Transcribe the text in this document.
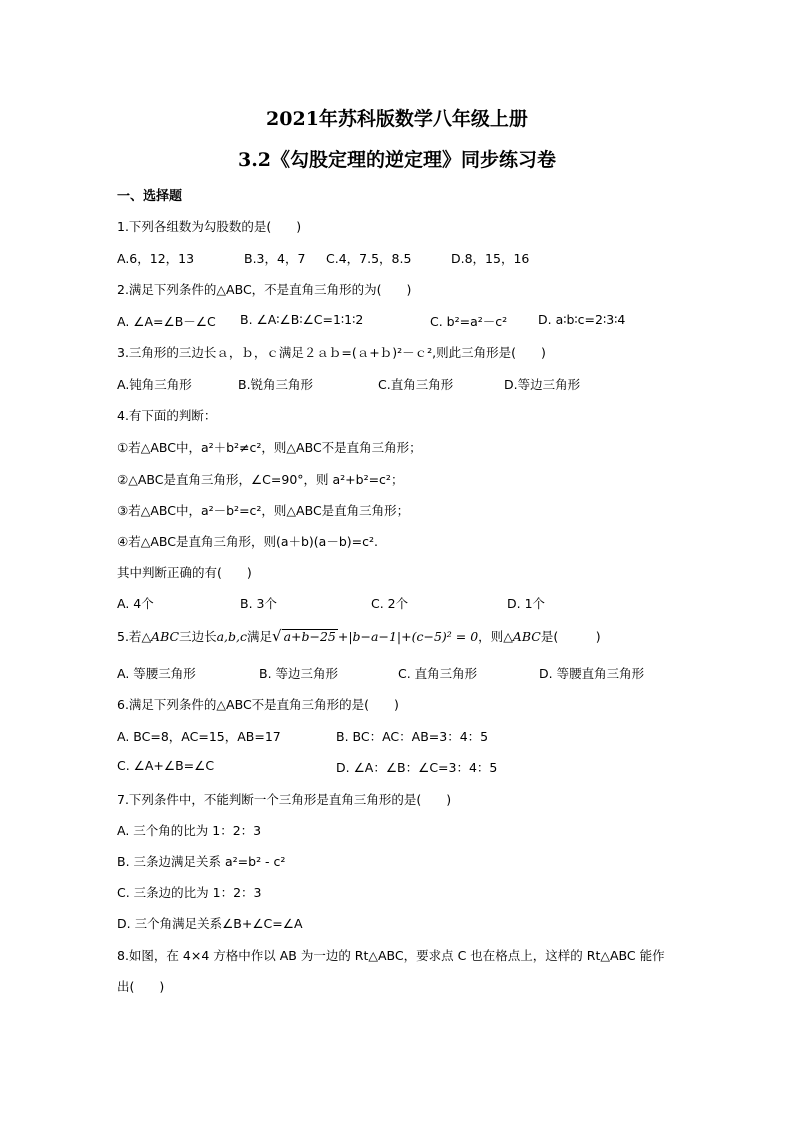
2021年苏科版数学八年级上册
3.2《勾股定理的逆定理》同步练习卷
一、选择题
1.下列各组数为勾股数的是(　　)
A.6，12，13	B.3，4，7 C.4，7.5，8.5	D.8，15，16
2.满足下列条件的△ABC，不是直角三角形的为(　　)
A. ∠A=∠B－∠C B. ∠A∶∠B∶∠C=1∶1∶2	C. b²=a²－c² D. a∶b∶c=2∶3∶4
3.三角形的三边长ａ，ｂ，ｃ满足２ａｂ=(ａ+ｂ)²－ｃ²,则此三角形是(　　)
A.钝角三角形	B.锐角三角形	C.直角三角形	D.等边三角形
4.有下面的判断：
①若△ABC中，a²＋b²≠c²，则△ABC不是直角三角形；
②△ABC是直角三角形，∠C=90°，则 a²+b²=c²；
③若△ABC中，a²－b²=c²，则△ABC是直角三角形；
④若△ABC是直角三角形，则(a＋b)(a－b)=c².
其中判断正确的有(　　)
A. 4个	B. 3个	C. 2个	D. 1个
5.若△ABC三边长a,b,c满足√ a+b−25 +|b−a−1|+(c−5)² = 0，则△ABC是(　　　)
A. 等腰三角形	B. 等边三角形	C. 直角三角形	D. 等腰直角三角形
6.满足下列条件的△ABC不是直角三角形的是(　　)
A. BC=8，AC=15，AB=17	B. BC：AC：AB=3：4：5
C. ∠A+∠B=∠C	D. ∠A：∠B：∠C=3：4：5
7.下列条件中，不能判断一个三角形是直角三角形的是(　　)
A. 三个角的比为 1：2：3
B. 三条边满足关系 a²=b² - c²
C. 三条边的比为 1：2：3
D. 三个角满足关系∠B+∠C=∠A
8.如图，在 4×4 方格中作以 AB 为一边的 Rt△ABC，要求点 C 也在格点上，这样的 Rt△ABC 能作
出(　　)
